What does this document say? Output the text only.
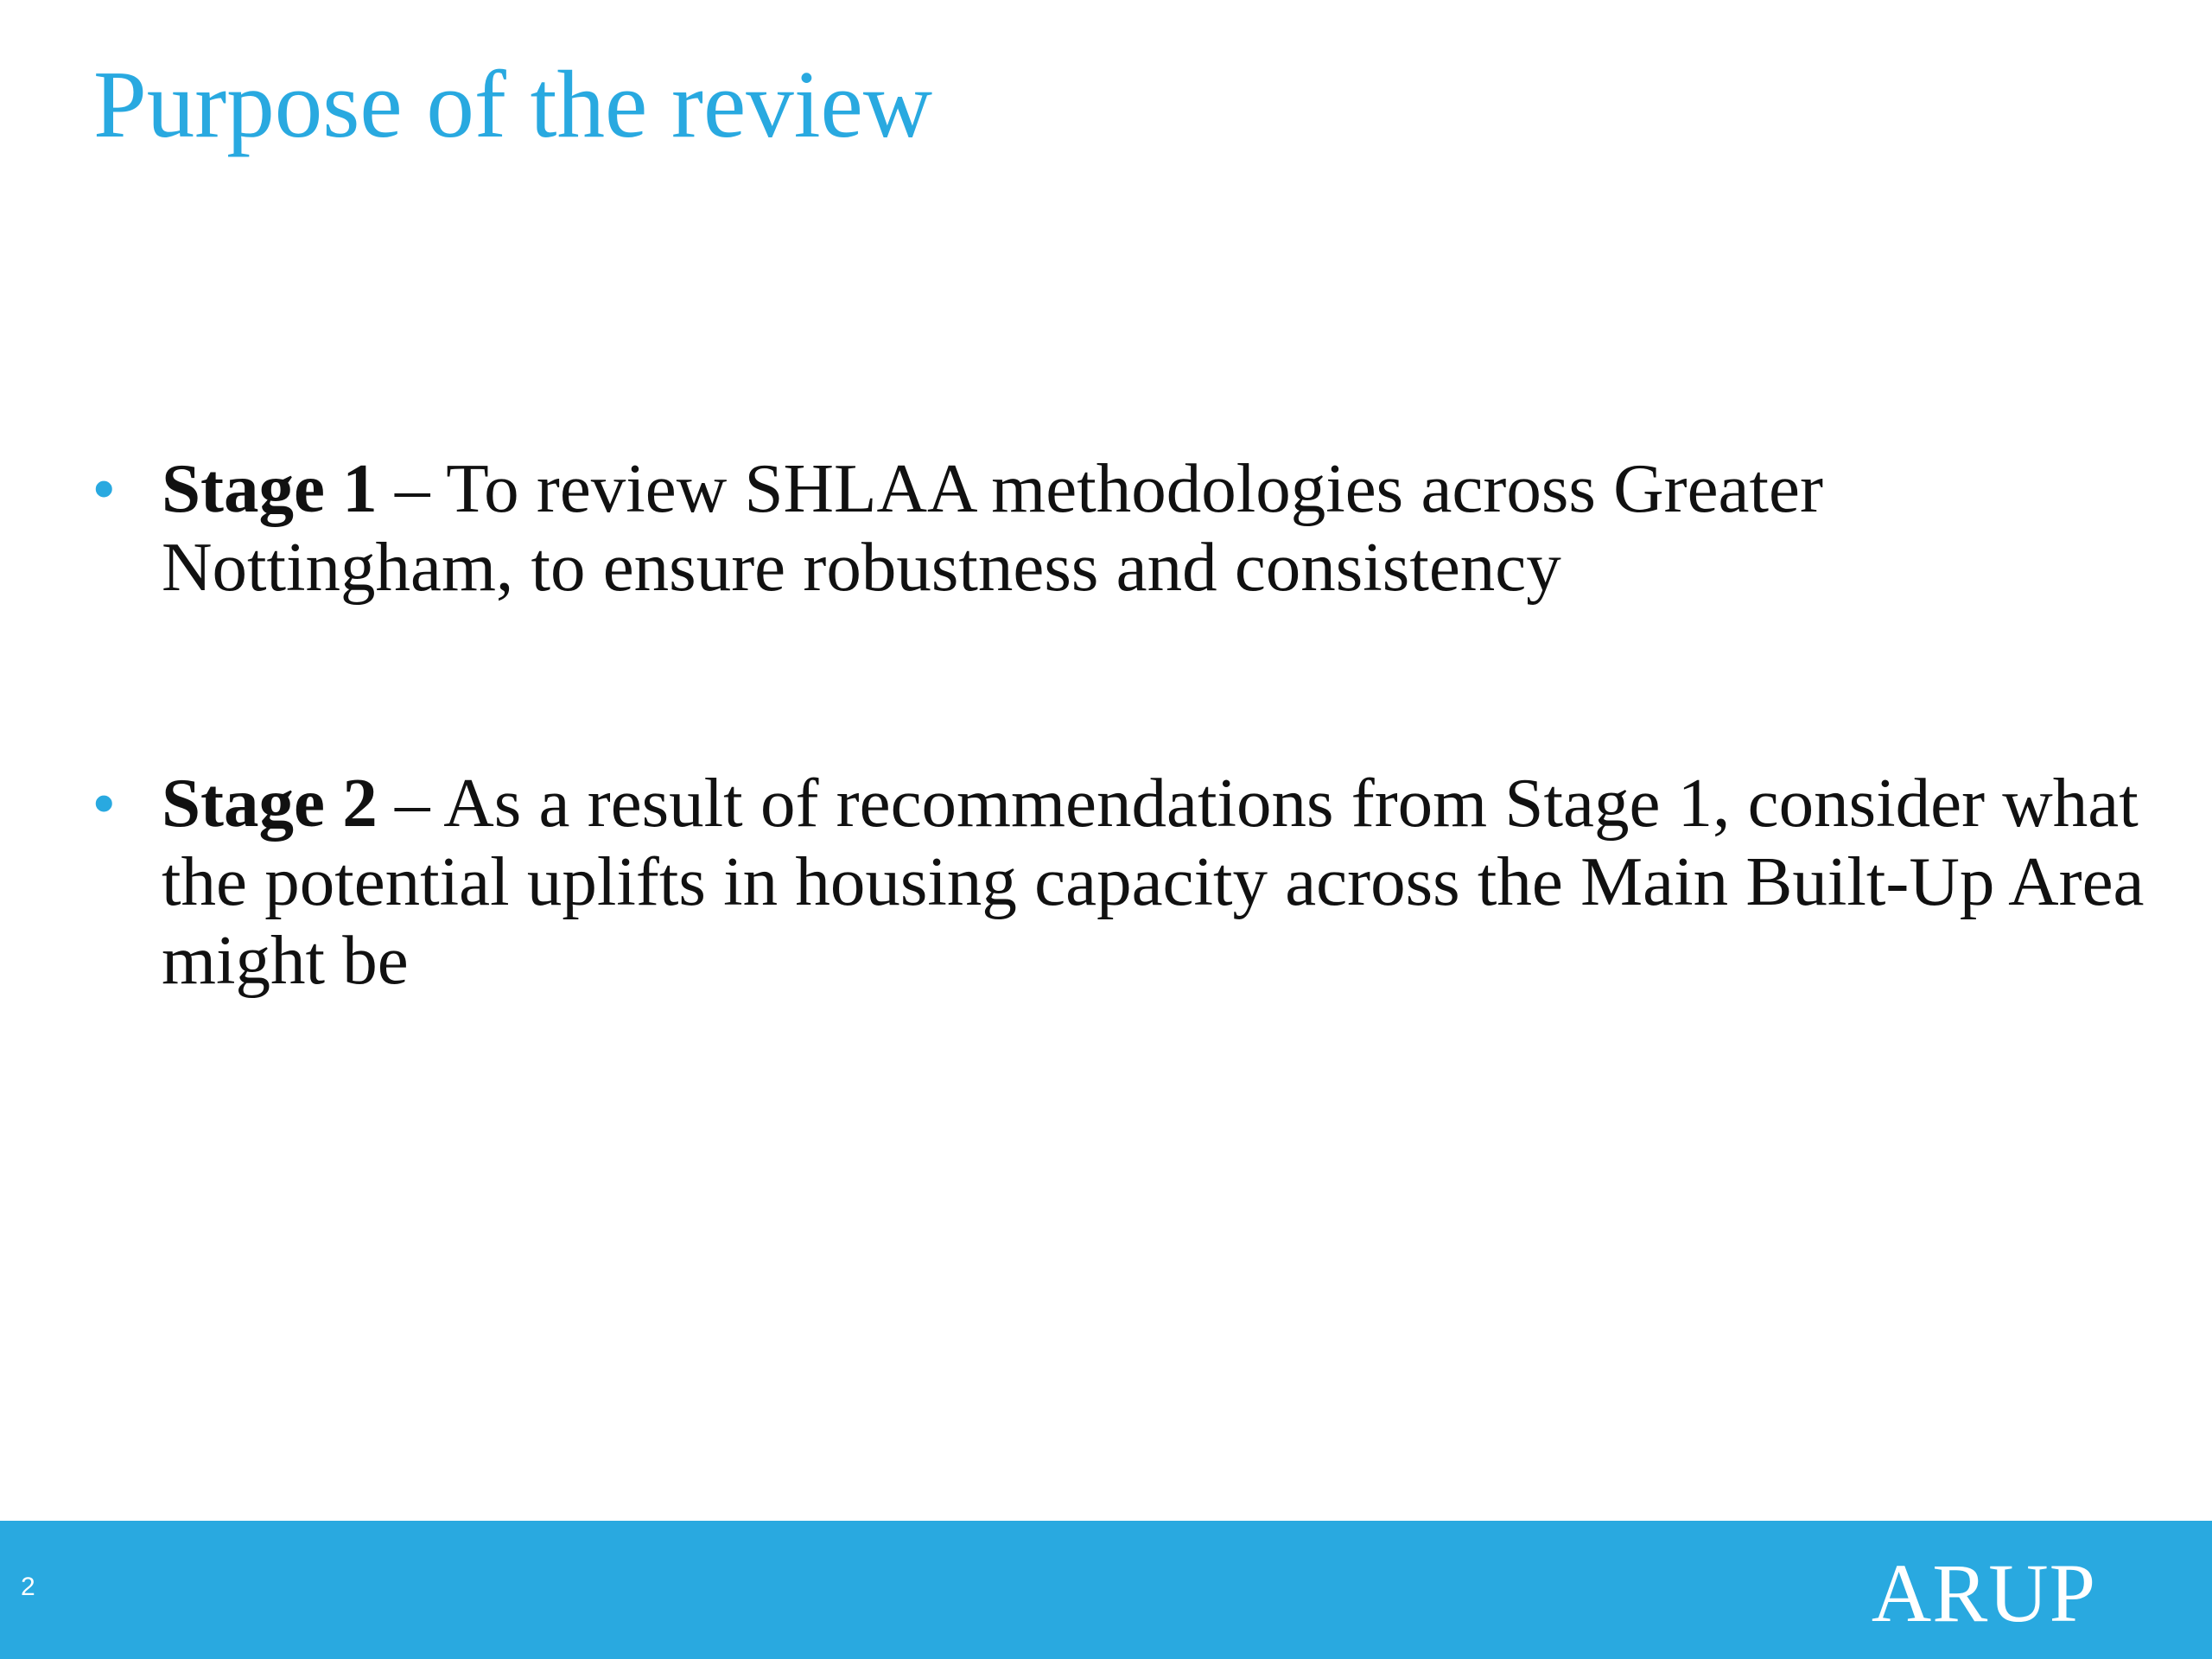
Purpose of the review
• Stage 1 – To review SHLAA methodologies across Greater Nottingham, to ensure robustness and consistency
• Stage 2 – As a result of recommendations from Stage 1, consider what the potential uplifts in housing capacity across the Main Built-Up Area might be
2	ARUP
